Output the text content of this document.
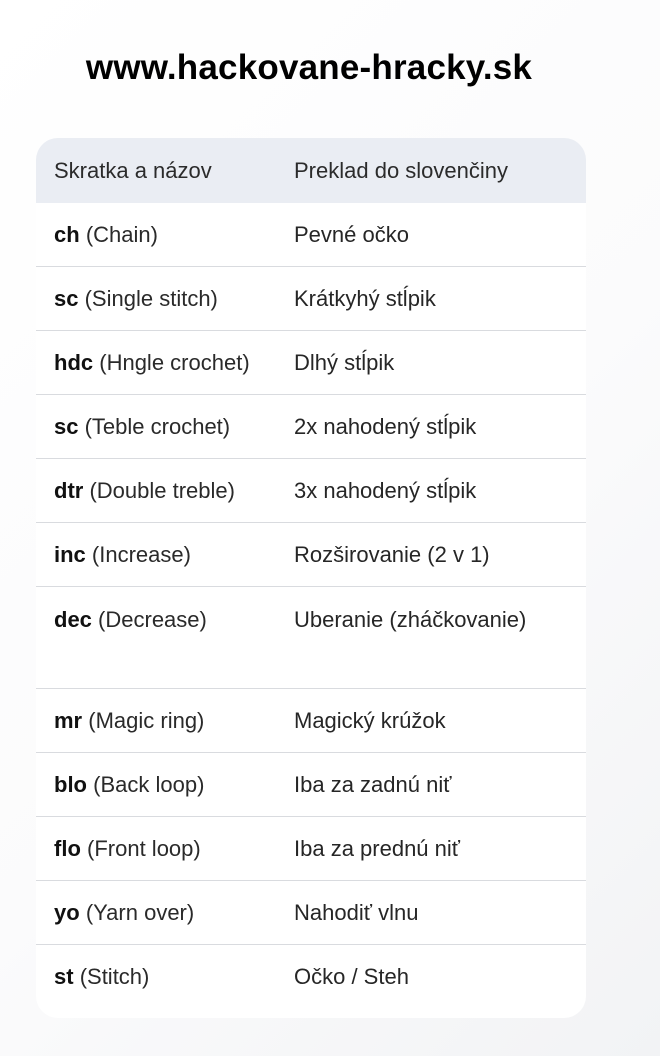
www.hackovane-hracky.sk
Skratka a názov	Preklad do slovenčiny
ch (Chain)	Pevné očko
sc (Single stitch)	Krátkyhý stĺpik
hdc (Hngle crochet)	Dlhý stĺpik
sc (Teble crochet)	2x nahodený stĺpik
dtr (Double treble)	3x nahodený stĺpik
inc (Increase)	Rozširovanie (2 v 1)
dec (Decrease)	Uberanie (zháčkovanie)
mr (Magic ring)	Magický krúžok
blo (Back loop)	Iba za zadnú niť
flo (Front loop)	Iba za prednú niť
yo (Yarn over)	Nahodiť vlnu
st (Stitch)	Očko / Steh
